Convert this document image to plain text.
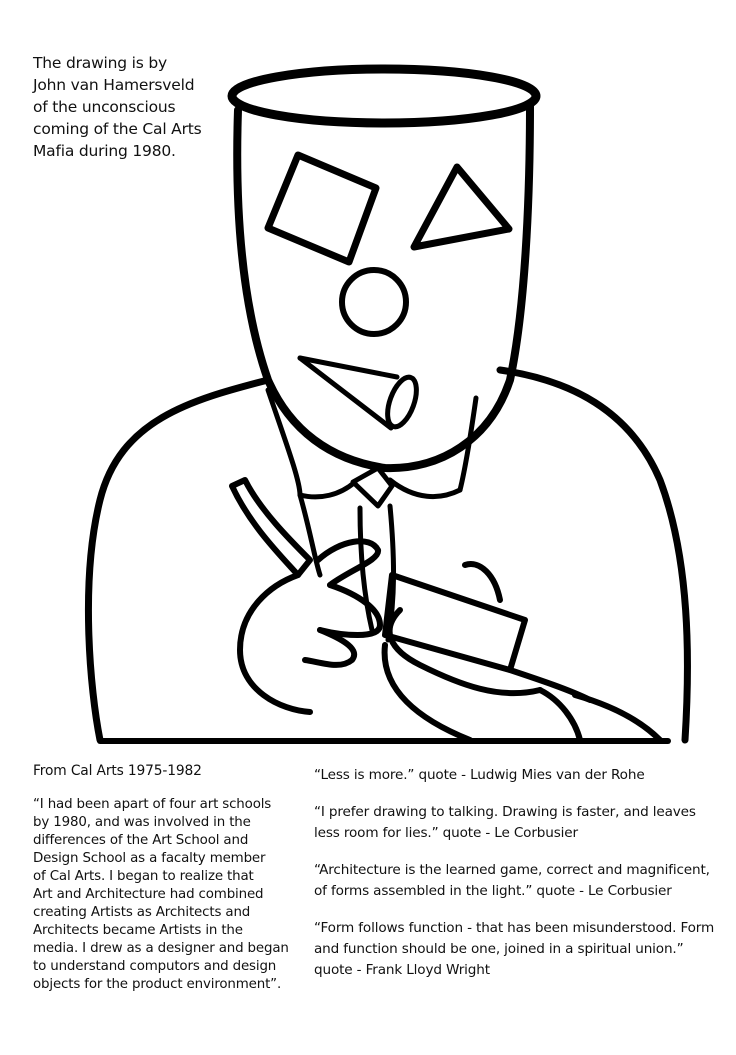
The drawing is by
John van Hamersveld
of the unconscious
coming of the Cal Arts
Mafia during 1980.
From Cal Arts 1975-1982
“I had been apart of four art schools
by 1980, and was involved in the
differences of the Art School and
Design School as a facalty member
of Cal Arts. I began to realize that
Art and Architecture had combined
creating Artists as Architects and
Architects became Artists in the
media. I drew as a designer and began
to understand computors and design
objects for the product environment”.
“Less is more.” quote - Ludwig Mies van der Rohe
“I prefer drawing to talking. Drawing is faster, and leaves
less room for lies.” quote - Le Corbusier
“Architecture is the learned game, correct and magnificent,
of forms assembled in the light.” quote - Le Corbusier
“Form follows function - that has been misunderstood. Form
and function should be one, joined in a spiritual union.”
quote - Frank Lloyd Wright
